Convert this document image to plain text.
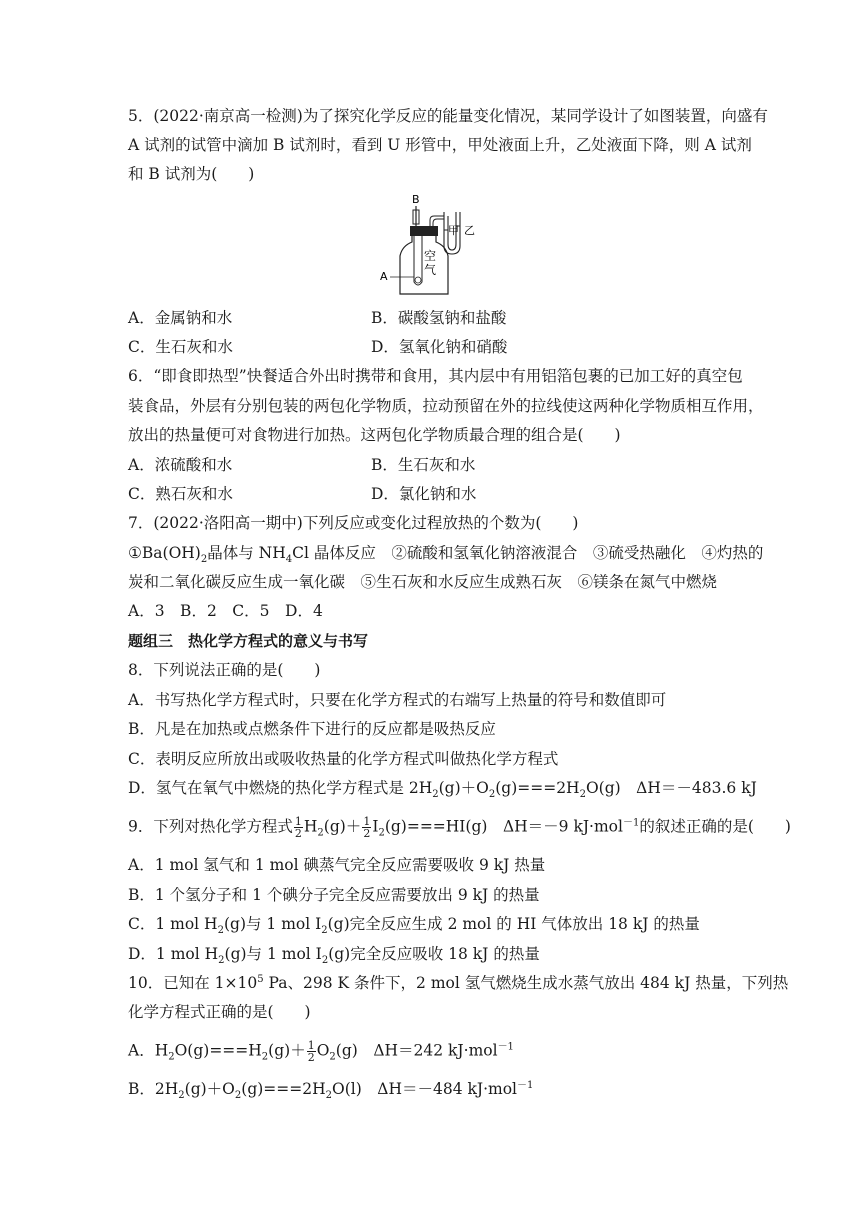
5．(2022·南京高一检测)为了探究化学反应的能量变化情况，某同学设计了如图装置，向盛有
A 试剂的试管中滴加 B 试剂时，看到 U 形管中，甲处液面上升，乙处液面下降，则 A 试剂
和 B 试剂为(　　)
B
甲 乙
空
气
A
A．金属钠和水	B．碳酸氢钠和盐酸
C．生石灰和水	D．氢氧化钠和硝酸
6．“即食即热型”快餐适合外出时携带和食用，其内层中有用铝箔包裹的已加工好的真空包
装食品，外层有分别包装的两包化学物质，拉动预留在外的拉线使这两种化学物质相互作用，
放出的热量便可对食物进行加热。这两包化学物质最合理的组合是(　　)
A．浓硫酸和水	B．生石灰和水
C．熟石灰和水	D．氯化钠和水
7．(2022·洛阳高一期中)下列反应或变化过程放热的个数为(　　)
$①Ba(OH)_2$晶体与 $NH_4Cl$ 晶体反应　②硫酸和氢氧化钠溶液混合　③硫受热融化　④灼热的
炭和二氧化碳反应生成一氧化碳　⑤生石灰和水反应生成熟石灰　⑥镁条在氮气中燃烧
A．3　B．2　C．5　D．4
题组三　热化学方程式的意义与书写
8．下列说法正确的是(　　)
A．书写热化学方程式时，只要在化学方程式的右端写上热量的符号和数值即可
B．凡是在加热或点燃条件下进行的反应都是吸热反应
C．表明反应所放出或吸收热量的化学方程式叫做热化学方程式
D．氢气在氧气中燃烧的热化学方程式是 $2H_2(g)+O_2(g)===2H_2O(g)$　ΔH＝－483.6 kJ
9．下列对热化学方程式 $\frac{1}{2} H_2(g)+ \frac{1}{2} I_2(g)===HI(g)$　ΔH＝－9 kJ·mol$^{-1}$的叙述正确的是(　　)
A．1 mol 氢气和 1 mol 碘蒸气完全反应需要吸收 9 kJ 热量
B．1 个氢分子和 1 个碘分子完全反应需要放出 9 kJ 的热量
C．1 mol $H_2(g)$与 1 mol $I_2(g)$完全反应生成 2 mol 的 HI 气体放出 18 kJ 的热量
D．1 mol $H_2(g)$与 1 mol $I_2(g)$完全反应吸收 18 kJ 的热量
10．已知在 $1\times 10^5$ Pa、298 K 条件下，2 mol 氢气燃烧生成水蒸气放出 484 kJ 热量，下列热
化学方程式正确的是(　　)
A．$H_2O(g)===H_2(g)+ \frac{1}{2} O_2(g)$　ΔH＝242 kJ·mol$^{-1}$
B．$2H_2(g)+O_2(g)===2H_2O(l)$　ΔH＝－484 kJ·mol$^{-1}$
